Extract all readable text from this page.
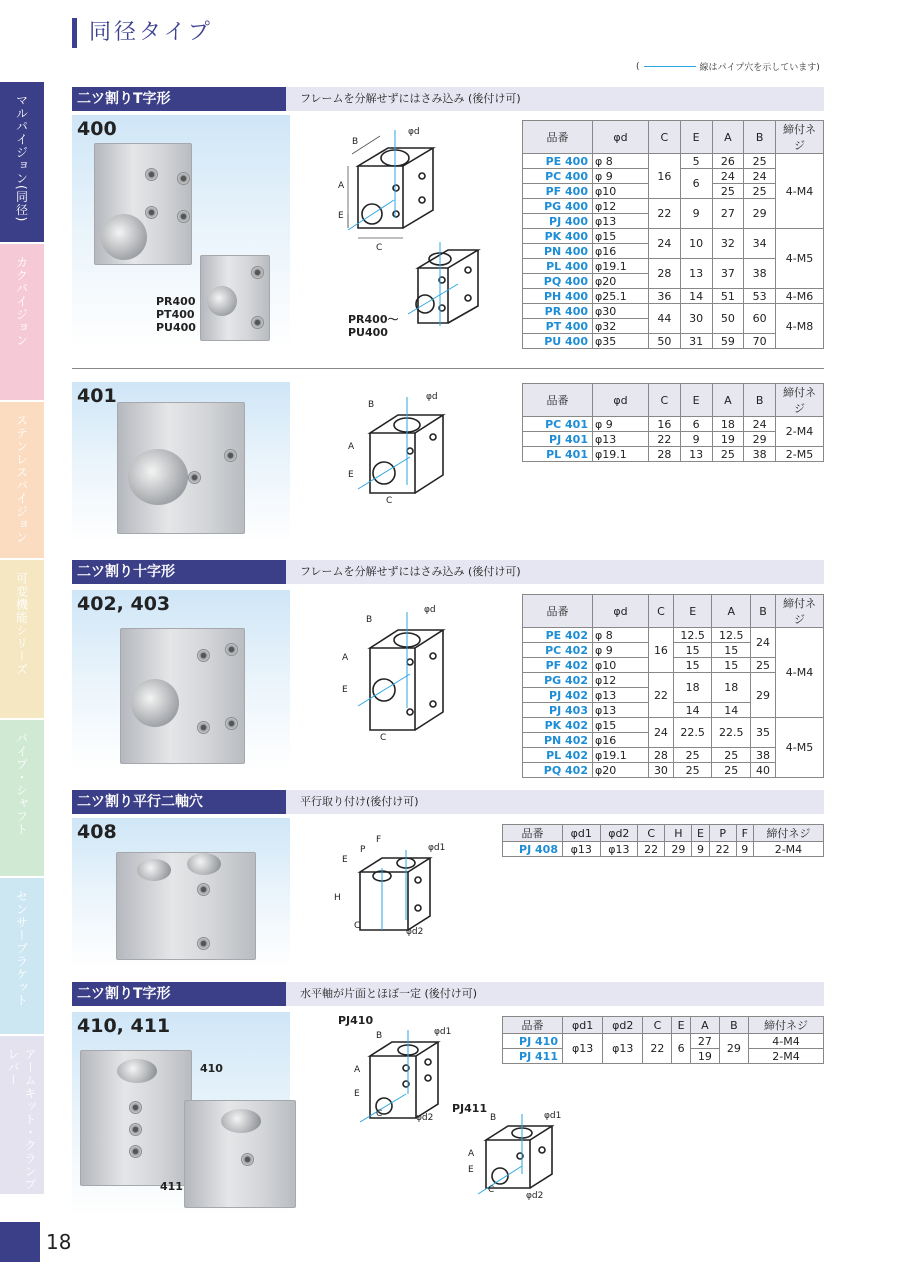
同径タイプ
(	線はパイプ穴を示しています)
マルパイジョン(同径)
カクパイジョン
ステンレスパイジョン
可変機能シリーズ
パイプ・シャフト
センサーブラケット
アームキット・クランプレバー
二ツ割りT字形	フレームを分解せずにはさみ込み (後付け可)
400
PR400
PT400
PU400
B
φd
A
E
C
PR400〜
PU400
品番	φd	C	E	A	B	締付ネジ
PE 400	φ 8	16	5	26	25	4-M4
PC 400	φ 9		6	24	24	
PF 400	φ10			25	25	
PG 400	φ12	22	9	27	29	
PJ 400	φ13					
PK 400	φ15	24	10	32	34	4-M5
PN 400	φ16					
PL 400	φ19.1	28	13	37	38	
PQ 400	φ20					
PH 400	φ25.1	36	14	51	53	4-M6
PR 400	φ30	44	30	50	60	4-M8
PT 400	φ32					
PU 400	φ35	50	31	59	70	
401	B
φd
A
E
C
品番	φd	C	E	A	B	締付ネジ
PC 401	φ 9	16	6	18	24	2-M4
PJ 401	φ13	22	9	19	29	
PL 401	φ19.1	28	13	25	38	2-M5
二ツ割り十字形	フレームを分解せずにはさみ込み (後付け可)
402, 403
B
φd
A
E
C
品番	φd	C	E	A	B	締付ネジ
PE 402	φ 8	16	12.5	12.5	24	4-M4
PC 402	φ 9		15	15		
PF 402	φ10		15	15	25	
PG 402	φ12	22	18	18	29	
PJ 402	φ13					
PJ 403	φ13		14	14		
PK 402	φ15	24	22.5	22.5	35	4-M5
PN 402	φ16					
PL 402	φ19.1	28	25	25	38	
PQ 402	φ20	30	25	25	40	
二ツ割り平行二軸穴	平行取り付け(後付け可)
408	F
P
E
φd1
H
C
φd2
品番	φd1	φd2	C	H	E	P	F	締付ネジ
PJ 408	φ13	φ13	22	29	9	22	9	2-M4
二ツ割りT字形	水平軸が片面とほぼ一定 (後付け可)
410, 411
410
411
PJ410
B	φd1
A
E
C	φd2
PJ411
B	φd1
A
E
C
φd2
品番	φd1	φd2	C	E	A	B	締付ネジ
PJ 410	φ13	φ13	22	6	27	29	4-M4
PJ 411					19		2-M4
18
